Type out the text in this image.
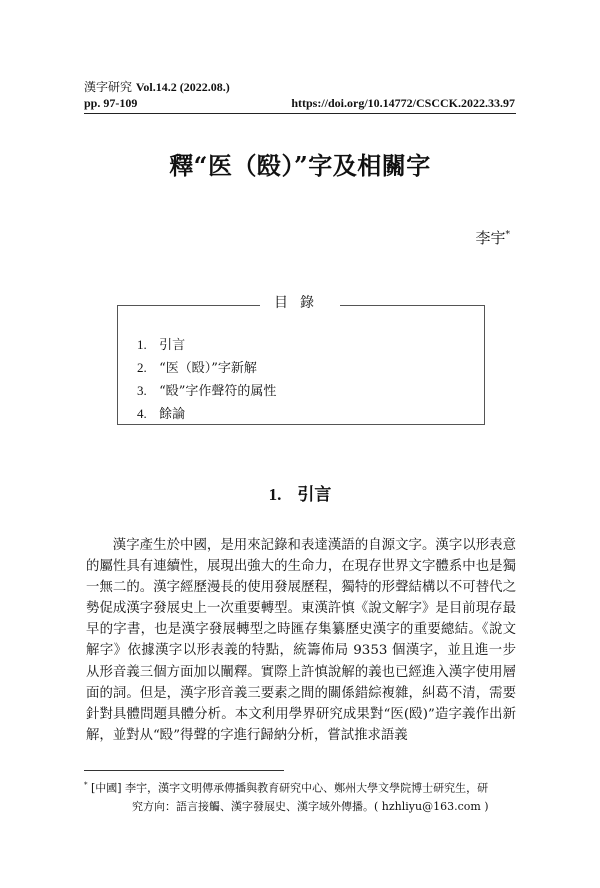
漢字研究 Vol.14.2 (2022.08.)
pp. 97-109	https://doi.org/10.14772/CSCCK.2022.33.97
釋“医（殹）”字及相關字
李宇*
目錄
1. 引言
2. “医（殹）”字新解
3. “殹”字作聲符的属性
4. 餘論
1. 引言

漢字產生於中國，是用來記錄和表達漢語的自源文字。漢字以形表意的屬性具有連續性，展現出強大的生命力，在現存世界文字體系中也是獨一無二的。漢字經歷漫長的使用發展歷程，獨特的形聲結構以不可替代之勢促成漢字發展史上一次重要轉型。東漢許慎《說文解字》是目前現存最早的字書，也是漢字發展轉型之時匯存集纂歷史漢字的重要總結。《說文解字》依據漢字以形表義的特點，統籌佈局 9353 個漢字，並且進一步从形音義三個方面加以闡釋。實際上許慎說解的義也已經進入漢字使用層面的詞。但是，漢字形音義三要素之間的關係錯綜複雜，糾葛不清，需要針對具體問題具體分析。本文利用學界研究成果對“医(殹)”造字義作出新解，並對从“殹”得聲的字進行歸納分析，嘗試推求語義

* [中國] 李宇，漢字文明傳承傳播與教育研究中心、鄭州大學文學院博士研究生，研
究方向：語言接觸、漢字發展史、漢字域外傳播。( hzhliyu@163.com )
